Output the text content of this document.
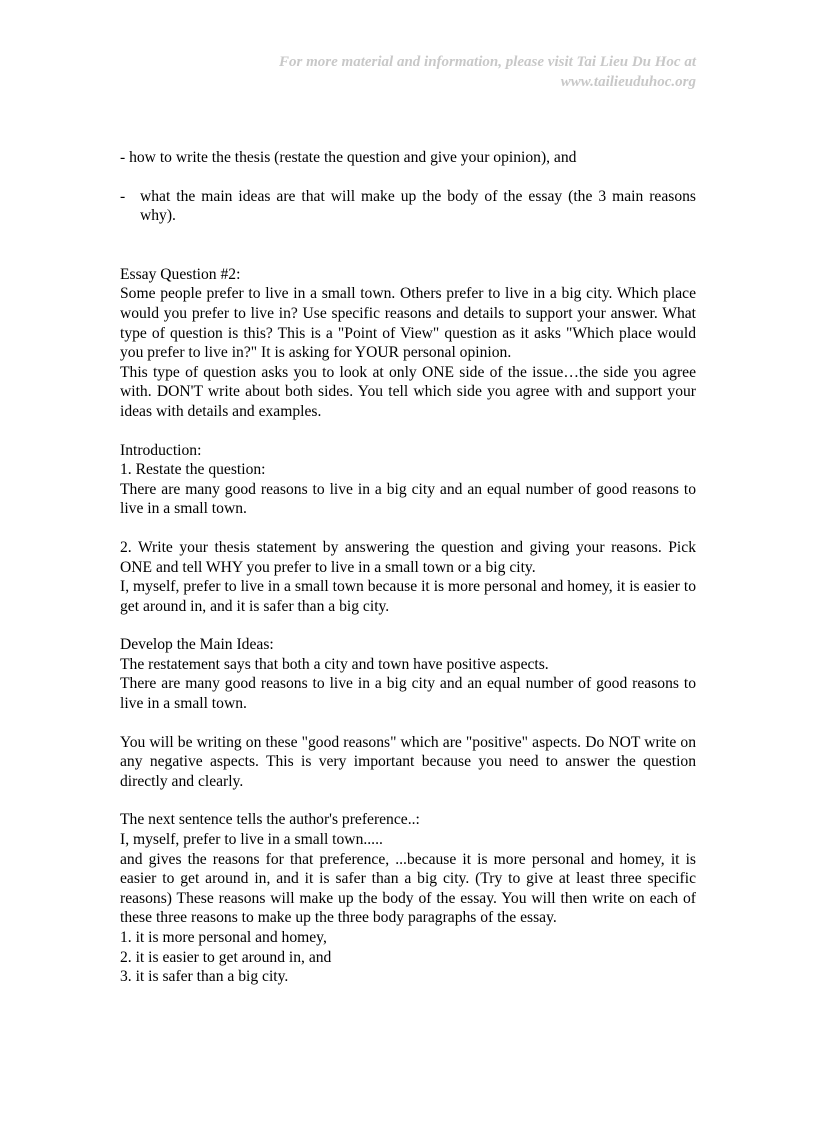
For more material and information, please visit Tai Lieu Du Hoc at
www.tailieuduhoc.org

- how to write the thesis (restate the question and give your opinion), and

- what the main ideas are that will make up the body of the essay (the 3 main reasons why).

Essay Question #2:

Some people prefer to live in a small town. Others prefer to live in a big city. Which place would you prefer to live in? Use specific reasons and details to support your answer. What type of question is this? This is a "Point of View" question as it asks "Which place would you prefer to live in?" It is asking for YOUR personal opinion.

This type of question asks you to look at only ONE side of the issue…the side you agree with. DON'T write about both sides. You tell which side you agree with and support your ideas with details and examples.

Introduction:

1. Restate the question:

There are many good reasons to live in a big city and an equal number of good reasons to live in a small town.

2. Write your thesis statement by answering the question and giving your reasons. Pick ONE and tell WHY you prefer to live in a small town or a big city.

I, myself, prefer to live in a small town because it is more personal and homey, it is easier to get around in, and it is safer than a big city.

Develop the Main Ideas:

The restatement says that both a city and town have positive aspects.

There are many good reasons to live in a big city and an equal number of good reasons to live in a small town.

You will be writing on these "good reasons" which are "positive" aspects. Do NOT write on any negative aspects. This is very important because you need to answer the question directly and clearly.

The next sentence tells the author's preference..:

I, myself, prefer to live in a small town.....

and gives the reasons for that preference, ...because it is more personal and homey, it is easier to get around in, and it is safer than a big city. (Try to give at least three specific reasons) These reasons will make up the body of the essay. You will then write on each of these three reasons to make up the three body paragraphs of the essay.

1. it is more personal and homey,

2. it is easier to get around in, and

3. it is safer than a big city.
